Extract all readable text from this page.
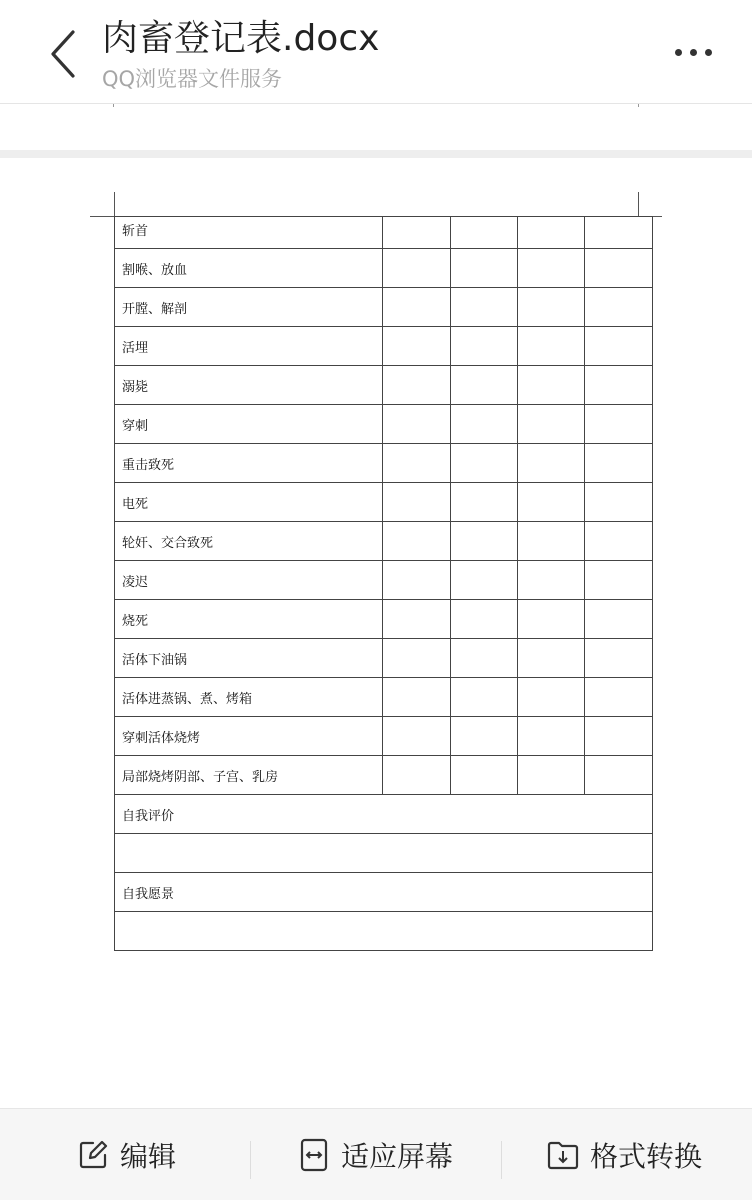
肉畜登记表.docx
QQ浏览器文件服务
斩首				
割喉、放血				
开膛、解剖				
活埋				
溺毙				
穿刺				
重击致死				
电死				
轮奸、交合致死				
凌迟				
烧死				
活体下油锅				
活体进蒸锅、煮、烤箱				
穿刺活体烧烤				
局部烧烤阴部、子宫、乳房				
自我评价				

自我愿景				

编辑	适应屏幕	格式转换
